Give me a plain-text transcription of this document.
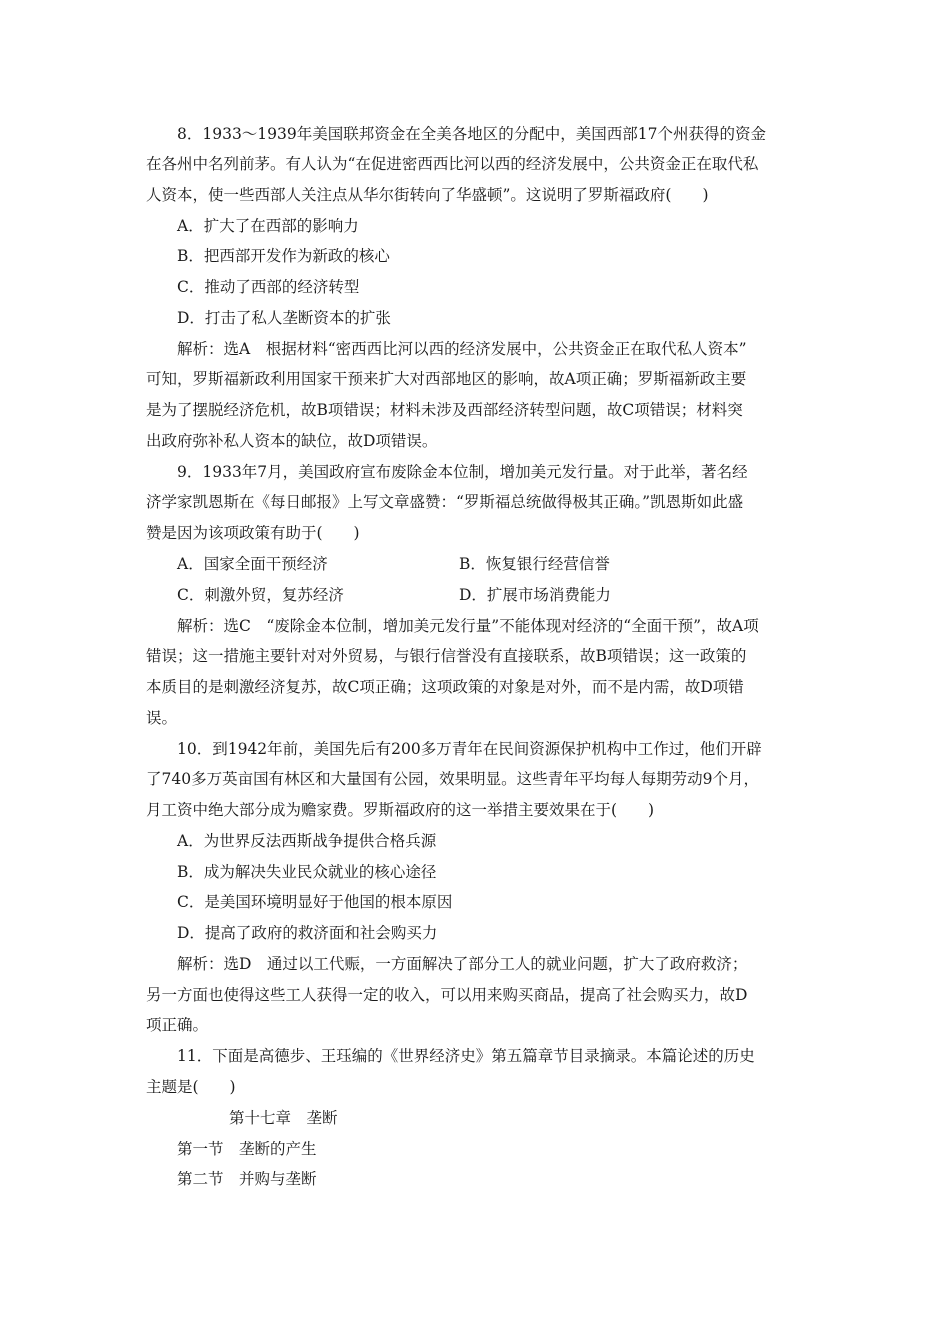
8．1933～1939年美国联邦资金在全美各地区的分配中，美国西部17个州获得的资金
在各州中名列前茅。有人认为“在促进密西西比河以西的经济发展中，公共资金正在取代私
人资本，使一些西部人关注点从华尔街转向了华盛顿”。这说明了罗斯福政府(　　)
A．扩大了在西部的影响力
B．把西部开发作为新政的核心
C．推动了西部的经济转型
D．打击了私人垄断资本的扩张
解析：选A　根据材料“密西西比河以西的经济发展中，公共资金正在取代私人资本”
可知，罗斯福新政利用国家干预来扩大对西部地区的影响，故A项正确；罗斯福新政主要
是为了摆脱经济危机，故B项错误；材料未涉及西部经济转型问题，故C项错误；材料突
出政府弥补私人资本的缺位，故D项错误。
9．1933年7月，美国政府宣布废除金本位制，增加美元发行量。对于此举，著名经
济学家凯恩斯在《每日邮报》上写文章盛赞：“罗斯福总统做得极其正确。”凯恩斯如此盛
赞是因为该项政策有助于(　　)
A．国家全面干预经济	B．恢复银行经营信誉
C．刺激外贸，复苏经济	D．扩展市场消费能力
解析：选C　“废除金本位制，增加美元发行量”不能体现对经济的“全面干预”，故A项
错误；这一措施主要针对对外贸易，与银行信誉没有直接联系，故B项错误；这一政策的
本质目的是刺激经济复苏，故C项正确；这项政策的对象是对外，而不是内需，故D项错
误。
10．到1942年前，美国先后有200多万青年在民间资源保护机构中工作过，他们开辟
了740多万英亩国有林区和大量国有公园，效果明显。这些青年平均每人每期劳动9个月，
月工资中绝大部分成为赡家费。罗斯福政府的这一举措主要效果在于(　　)
A．为世界反法西斯战争提供合格兵源
B．成为解决失业民众就业的核心途径
C．是美国环境明显好于他国的根本原因
D．提高了政府的救济面和社会购买力
解析：选D　通过以工代赈，一方面解决了部分工人的就业问题，扩大了政府救济；
另一方面也使得这些工人获得一定的收入，可以用来购买商品，提高了社会购买力，故D
项正确。
11．下面是高德步、王珏编的《世界经济史》第五篇章节目录摘录。本篇论述的历史
主题是(　　)
第十七章　垄断
第一节　垄断的产生
第二节　并购与垄断
